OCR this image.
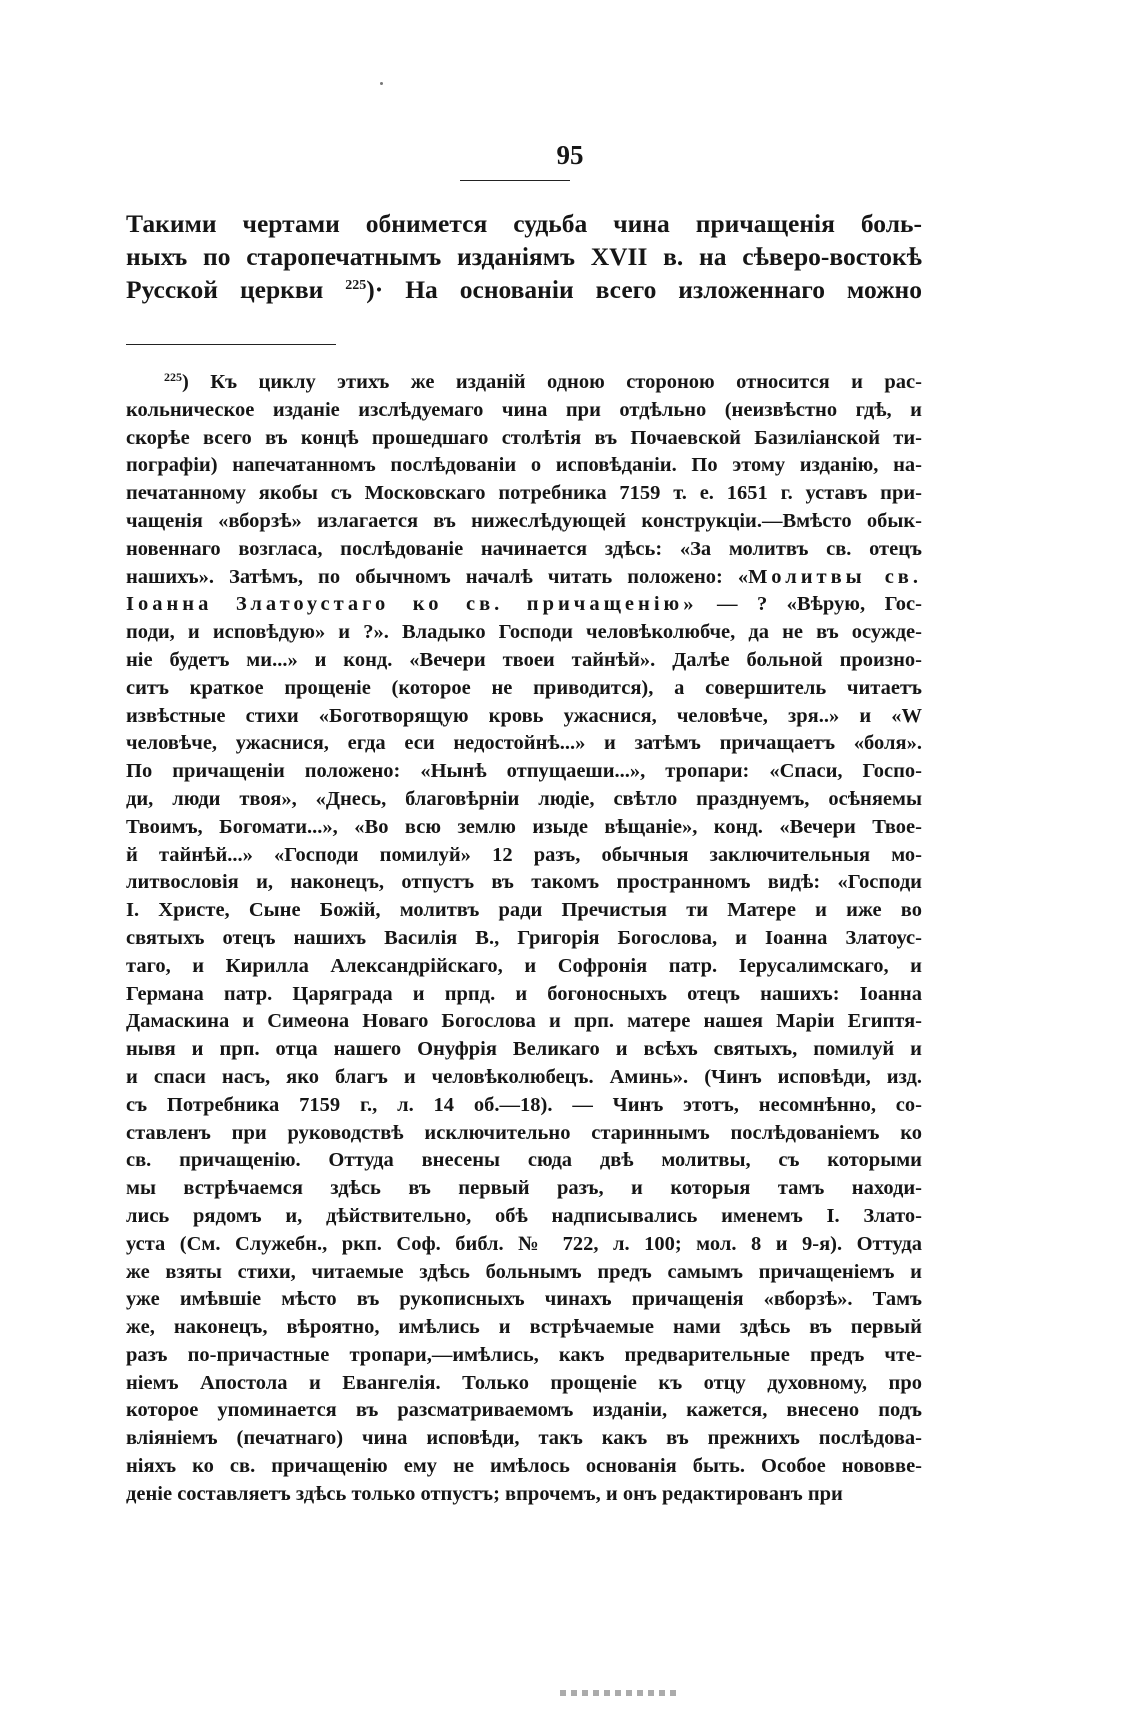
95
Такими чертами обнимется судьба чина причащенія боль-
ныхъ по старопечатнымъ изданіямъ XVII в. на сѣверо-востокѣ
Русской церкви $^{225}$)· На основаніи всего изложеннаго можно
$^{225}$) Къ циклу этихъ же изданій одною стороною относится и рас-
кольническое изданіе изслѣдуемаго чина при отдѣльно (неизвѣстно гдѣ, и
скорѣе всего въ концѣ прошедшаго столѣтія въ Почаевской Базиліанской ти-
пографіи) напечатанномъ послѣдованіи о исповѣданіи. По этому изданію, на-
печатанному якобы съ Московскаго потребника 7159 т. е. 1651 г. уставъ при-
чащенія «вборзѣ» излагается въ нижеслѣдующей конструкціи.—Вмѣсто обык-
новеннаго возгласа, послѣдованіе начинается здѣсь: «За молитвъ св. отецъ
нашихъ». Затѣмъ, по обычномъ началѣ читать положено: «Молитвы св.
Іоанна Златоустаго ко св. причащенію» — ? «Вѣрую, Гос-
поди, и исповѣдую» и ?». Владыко Господи человѣколюбче, да не въ осужде-
ніе будетъ ми...» и конд. «Вечери твоеи тайнѣй». Далѣе больной произно-
ситъ краткое прощеніе (которое не приводится), а совершитель читаетъ
извѣстные стихи «Боготворящую кровь ужаснися, человѣче, зря..» и «W
человѣче, ужаснися, егда еси недостойнѣ...» и затѣмъ причащаетъ «боля».
По причащеніи положено: «Нынѣ отпущаеши...», тропари: «Спаси, Госпо-
ди, люди твоя», «Днесь, благовѣрніи людіе, свѣтло празднуемъ, осѣняемы
Твоимъ, Богомати...», «Во всю землю изыде вѣщаніе», конд. «Вечери Твое-
й тайнѣй...» «Господи помилуй» 12 разъ, обычныя заключительныя мо-
литвословія и, наконецъ, отпустъ въ такомъ пространномъ видѣ: «Господи
І. Христе, Сыне Божій, молитвъ ради Пречистыя ти Матере и иже во
святыхъ отецъ нашихъ Василія В., Григорія Богослова, и Іоанна Златоус-
таго, и Кирилла Александрійскаго, и Софронія патр. Іерусалимскаго, и
Германа патр. Царяграда и прпд. и богоносныхъ отецъ нашихъ: Іоанна
Дамаскина и Симеона Новаго Богослова и прп. матере нашея Маріи Египтя-
нывя и прп. отца нашего Онуфрія Великаго и всѣхъ святыхъ, помилуй и
и спаси насъ, яко благъ и человѣколюбецъ. Аминь». (Чинъ исповѣди, изд.
съ Потребника 7159 г., л. 14 об.—18). — Чинъ этотъ, несомнѣнно, со-
ставленъ при руководствѣ исключительно стариннымъ послѣдованіемъ ко
св. причащенію. Оттуда внесены сюда двѣ молитвы, съ которыми
мы встрѣчаемся здѣсь въ первый разъ, и которыя тамъ находи-
лись рядомъ и, дѣйствительно, обѣ надписывались именемъ І. Злато-
уста (См. Служебн., ркп. Соф. библ. № 722, л. 100; мол. 8 и 9-я). Оттуда
же взяты стихи, читаемые здѣсь больнымъ предъ самымъ причащеніемъ и
уже имѣвшіе мѣсто въ рукописныхъ чинахъ причащенія «вборзѣ». Тамъ
же, наконецъ, вѣроятно, имѣлись и встрѣчаемые нами здѣсь въ первый
разъ по-причастные тропари,—имѣлись, какъ предварительные предъ чте-
ніемъ Апостола и Евангелія. Только прощеніе къ отцу духовному, про
которое упоминается въ разсматриваемомъ изданіи, кажется, внесено подъ
вліяніемъ (печатнаго) чина исповѣди, такъ какъ въ прежнихъ послѣдова-
ніяхъ ко св. причащенію ему не имѣлось основанія быть. Особое нововве-
деніе составляетъ здѣсь только отпустъ; впрочемъ, и онъ редактированъ при
